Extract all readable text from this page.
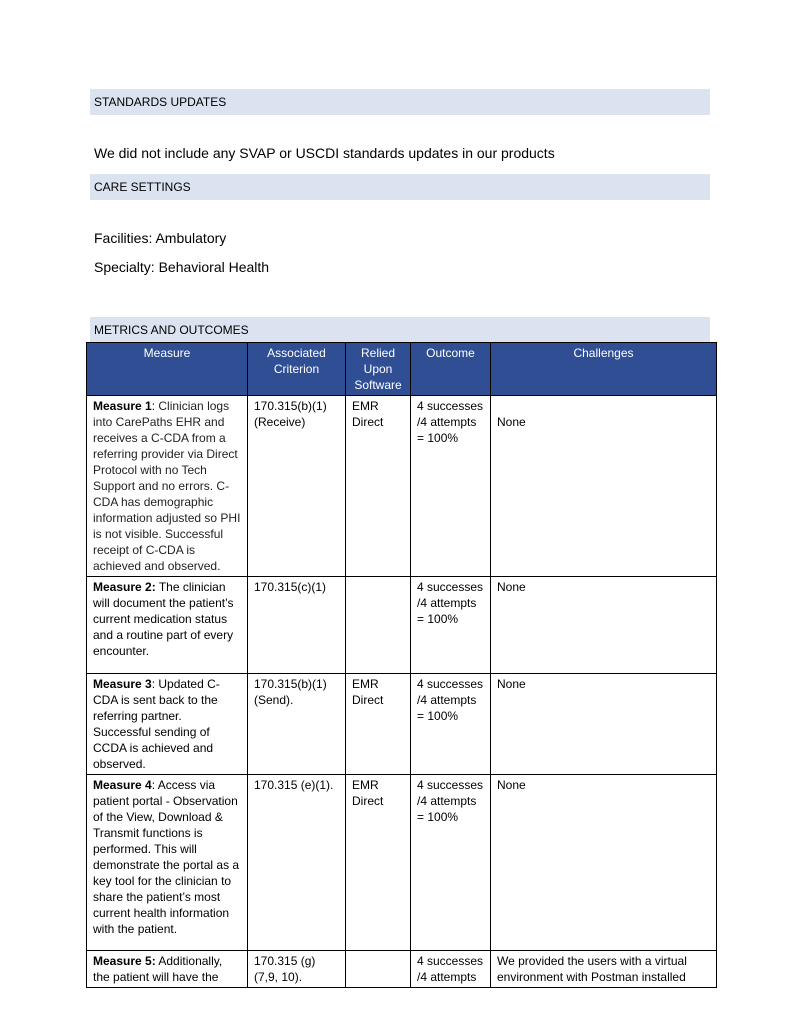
STANDARDS UPDATES
We did not include any SVAP or USCDI standards updates in our products
CARE SETTINGS
Facilities: Ambulatory
Specialty: Behavioral Health
METRICS AND OUTCOMES
Measure	Associated Criterion	Relied Upon Software	Outcome	Challenges
Measure 1: Clinician logs into CarePaths EHR and receives a C-CDA from a referring provider via Direct Protocol with no Tech Support and no errors. C-CDA has demographic information adjusted so PHI is not visible. Successful receipt of C-CDA is achieved and observed.	170.315(b)(1) (Receive)	EMR Direct	4 successes /4 attempts = 100%	None

Measure 2: The clinician will document the patient’s current medication status and a routine part of every encounter.	170.315(c)(1)		4 successes /4 attempts = 100%	None
Measure 3: Updated C-CDA is sent back to the referring partner. Successful sending of CCDA is achieved and observed.	170.315(b)(1) (Send).	EMR Direct	4 successes /4 attempts = 100%	None
Measure 4: Access via patient portal - Observation of the View, Download & Transmit functions is performed. This will demonstrate the portal as a key tool for the clinician to share the patient’s most current health information with the patient.	170.315 (e)(1).	EMR Direct	4 successes /4 attempts = 100%	None
Measure 5: Additionally, the patient will have the	170.315 (g)(7,9, 10).		4 successes /4 attempts	We provided the users with a virtual environment with Postman installed
